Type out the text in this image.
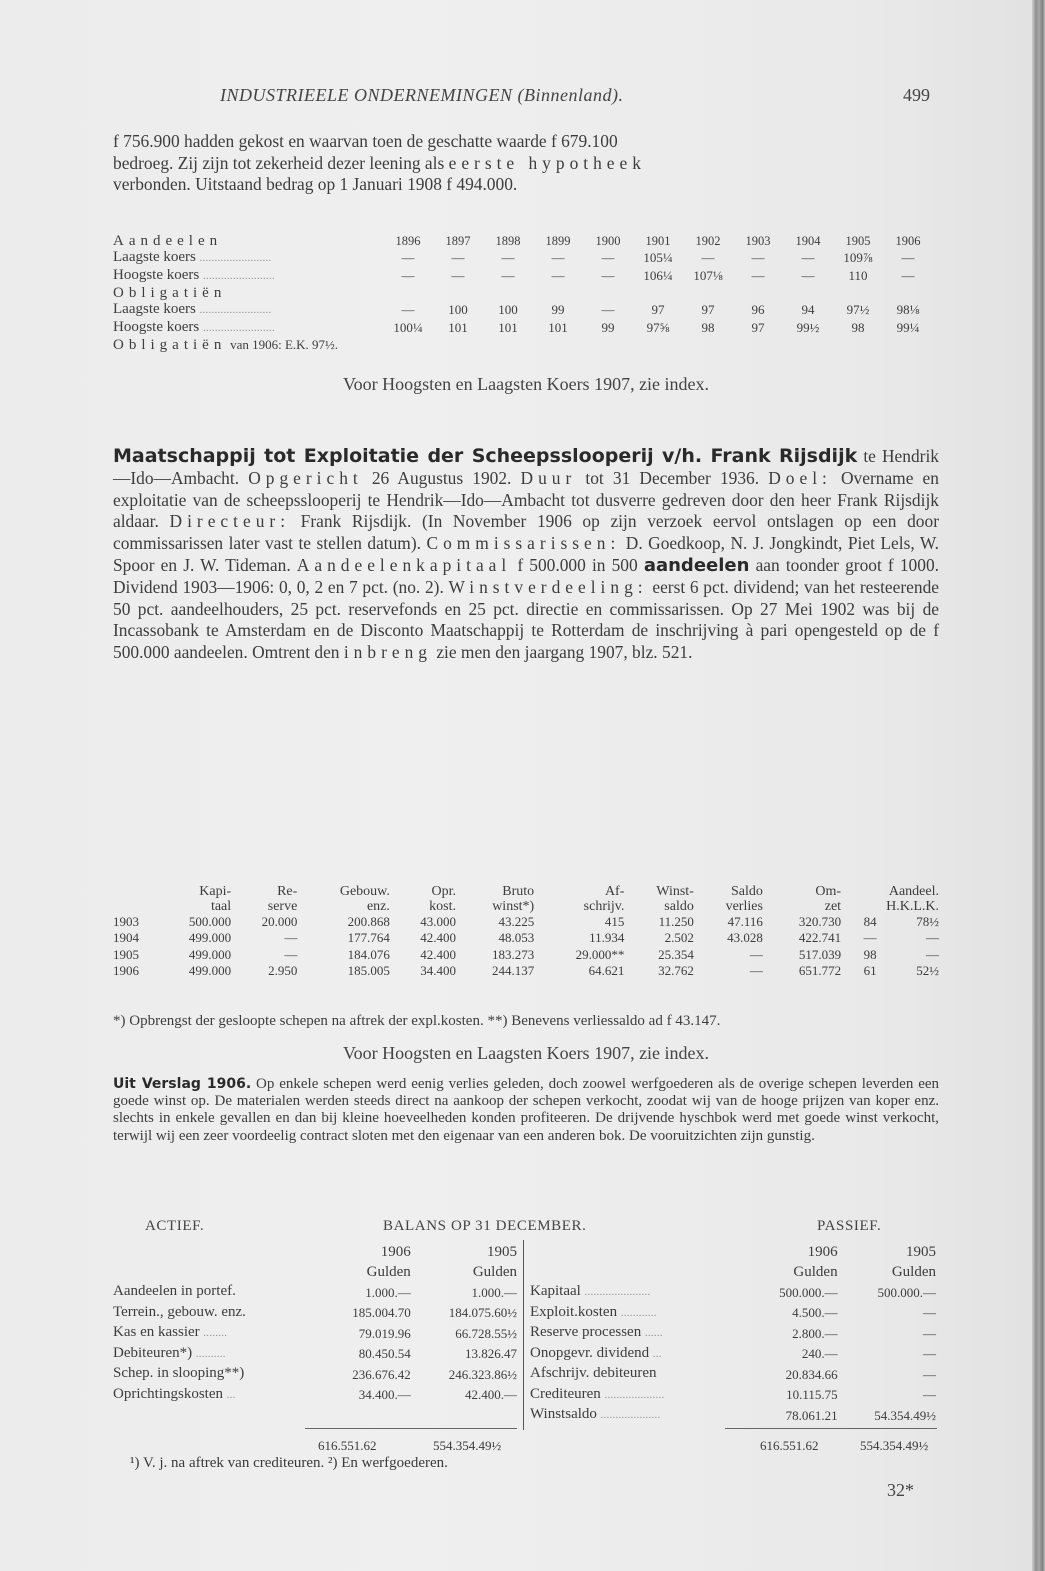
INDUSTRIEELE ONDERNEMINGEN (Binnenland).	499

f 756.900 hadden gekost en waarvan toen de geschatte waarde f 679.100

bedroeg. Zij zijn tot zekerheid dezer leening als eerste hypotheek

verbonden. Uitstaand bedrag op 1 Januari 1908 f 494.000.

Aandeelen	1896	1897	1898	1899	1900	1901	1902	1903	1904	1905	1906
Laagste koers ........................	—	—	—	—	—	105¼	—	—	—	109⅞	—
Hoogste koers ........................	—	—	—	—	—	106¼	107⅛	—	—	110	—
Obligatiën											
Laagste koers ........................	—	100	100	99	—	97	97	96	94	97½	98⅛
Hoogste koers ........................	100¼	101	101	101	99	97⅝	98	97	99½	98	99¼
Obligatiën van 1906: E.K. 97½.											
Voor Hoogsten en Laagsten Koers 1907, zie index.

Maatschappij tot Exploitatie der Scheepsslooperij v/h. Frank Rijsdijk te Hendrik—Ido—Ambacht. Opgericht 26 Augustus 1902. Duur tot 31 December 1936. Doel: Overname en exploitatie van de scheepsslooperij te Hendrik—Ido—Ambacht tot dusverre gedreven door den heer Frank Rijsdijk aldaar. Directeur: Frank Rijsdijk. (In November 1906 op zijn verzoek eervol ontslagen op een door commissarissen later vast te stellen datum). Commissarissen: D. Goedkoop, N. J. Jongkindt, Piet Lels, W. Spoor en J. W. Tideman. Aandeelenkapitaal f 500.000 in 500 aandeelen aan toonder groot f 1000. Dividend 1903—1906: 0, 0, 2 en 7 pct. (no. 2). Winstverdeeling: eerst 6 pct. dividend; van het resteerende 50 pct. aandeelhouders, 25 pct. reservefonds en 25 pct. directie en commissarissen. Op 27 Mei 1902 was bij de Incassobank te Amsterdam en de Disconto Maatschappij te Rotterdam de inschrijving à pari opengesteld op de f 500.000 aandeelen. Omtrent den inbreng zie men den jaargang 1907, blz. 521.

	Kapi-	Re-	Gebouw.	Opr.	Bruto	Af-	Winst-	Saldo	Om-	Aandeel.	
	taal	serve	enz.	kost.	winst*)	schrijv.	saldo	verlies	zet	H.K.L.K.	
1903	500.000	20.000	200.868	43.000	43.225	415	11.250	47.116	320.730	84	78½
1904	499.000	—	177.764	42.400	48.053	11.934	2.502	43.028	422.741	—	—
1905	499.000	—	184.076	42.400	183.273	29.000**	25.354	—	517.039	98	—
1906	499.000	2.950	185.005	34.400	244.137	64.621	32.762	—	651.772	61	52½
*) Opbrengst der gesloopte schepen na aftrek der expl.kosten. **) Benevens verliessaldo ad f 43.147.
Voor Hoogsten en Laagsten Koers 1907, zie index.
Uit Verslag 1906. Op enkele schepen werd eenig verlies geleden, doch zoowel werfgoederen als de overige schepen leverden een goede winst op. De materialen werden steeds direct na aankoop der schepen verkocht, zoodat wij van de hooge prijzen van koper enz. slechts in enkele gevallen en dan bij kleine hoeveelheden konden profiteeren. De drijvende hyschbok werd met goede winst verkocht, terwijl wij een zeer voordeelig contract sloten met den eigenaar van een anderen bok. De vooruitzichten zijn gunstig.
ACTIEF.	BALANS OP 31 DECEMBER.	PASSIEF.
	1906	1905
	Gulden	Gulden
Aandeelen in portef.	1.000.—	1.000.—
Terrein., gebouw. enz.	185.004.70	184.075.60½
Kas en kassier ........	79.019.96	66.728.55½
Debiteuren*) ..........	80.450.54	13.826.47
Schep. in slooping**)	236.676.42	246.323.86½
Oprichtingskosten ...	34.400.—	42.400.—
	1906	1905
	Gulden	Gulden
Kapitaal ......................	500.000.—	500.000.—
Exploit.kosten ............	4.500.—	—
Reserve processen ......	2.800.—	—
Onopgevr. dividend ...	240.—	—
Afschrijv. debiteuren	20.834.66	—
Crediteuren ....................	10.115.75	—
Winstsaldo ....................	78.061.21	54.354.49½
616.551.62	554.354.49½	616.551.62	554.354.49½
¹) V. j. na aftrek van crediteuren. ²) En werfgoederen.
32*
